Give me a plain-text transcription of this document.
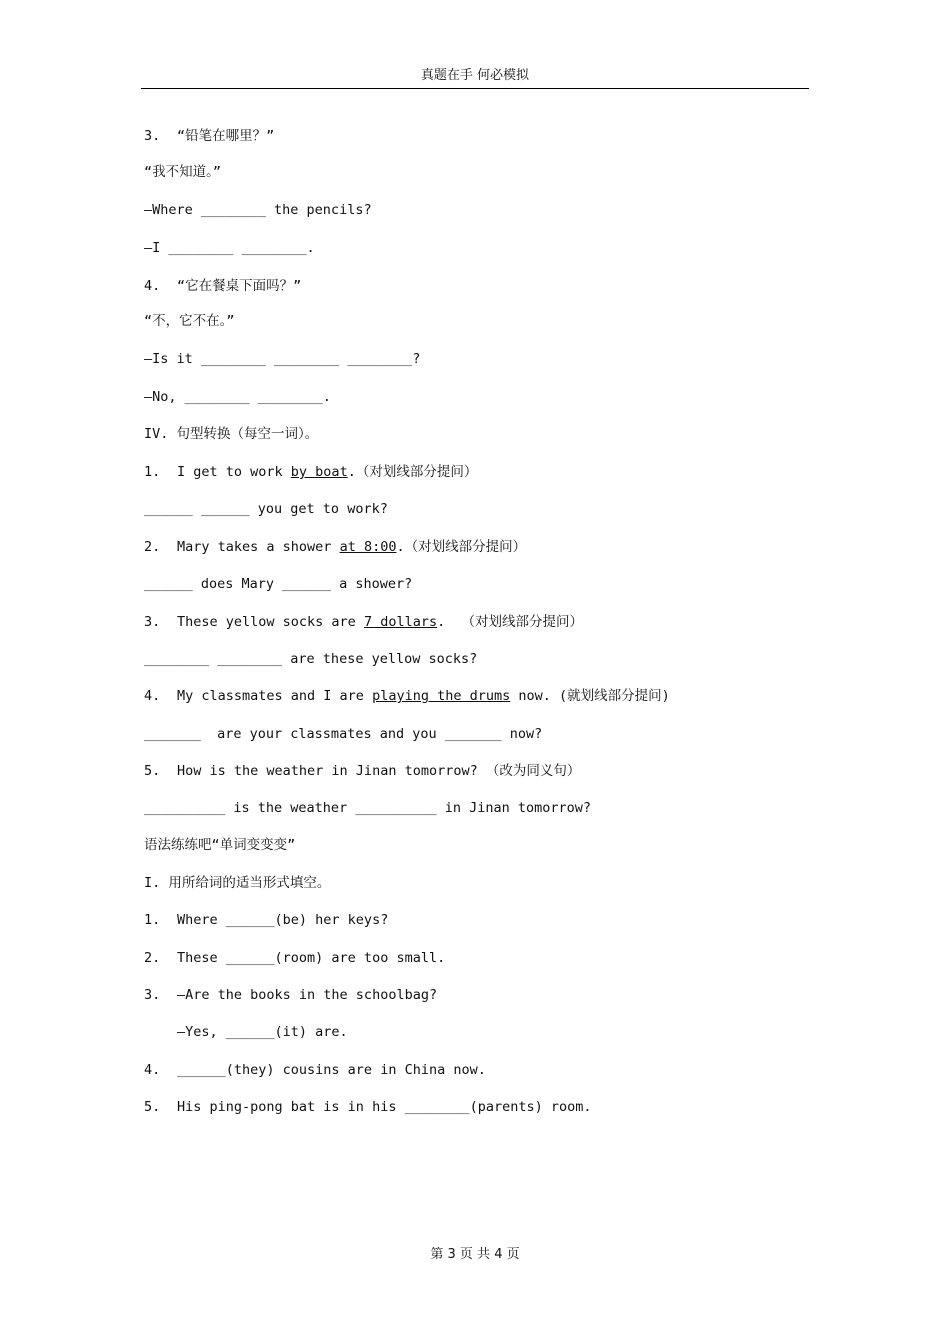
真题在手 何必模拟
3. “铅笔在哪里？”
“我不知道。”
—Where ________ the pencils?
—I ________ ________.
4. “它在餐桌下面吗？”
“不，它不在。”
—Is it ________ ________ ________?
—No, ________ ________.
IV. 句型转换（每空一词）。
1. I get to work by boat.（对划线部分提问）
______ ______ you get to work?
2. Mary takes a shower at 8:00.（对划线部分提问）
______ does Mary ______ a shower?
3. These yellow socks are 7 dollars.  （对划线部分提问）
________ ________ are these yellow socks?
4. My classmates and I are playing the drums now. (就划线部分提问)
_______  are your classmates and you _______ now?
5. How is the weather in Jinan tomorrow? （改为同义句）
__________ is the weather __________ in Jinan tomorrow?
语法练练吧“单词变变变”
I. 用所给词的适当形式填空。
1. Where ______(be) her keys?
2. These ______(room) are too small.
3. —Are the books in the schoolbag?
—Yes, ______(it) are.
4. ______(they) cousins are in China now.
5. His ping-pong bat is in his ________(parents) room.
第 3 页 共 4 页
